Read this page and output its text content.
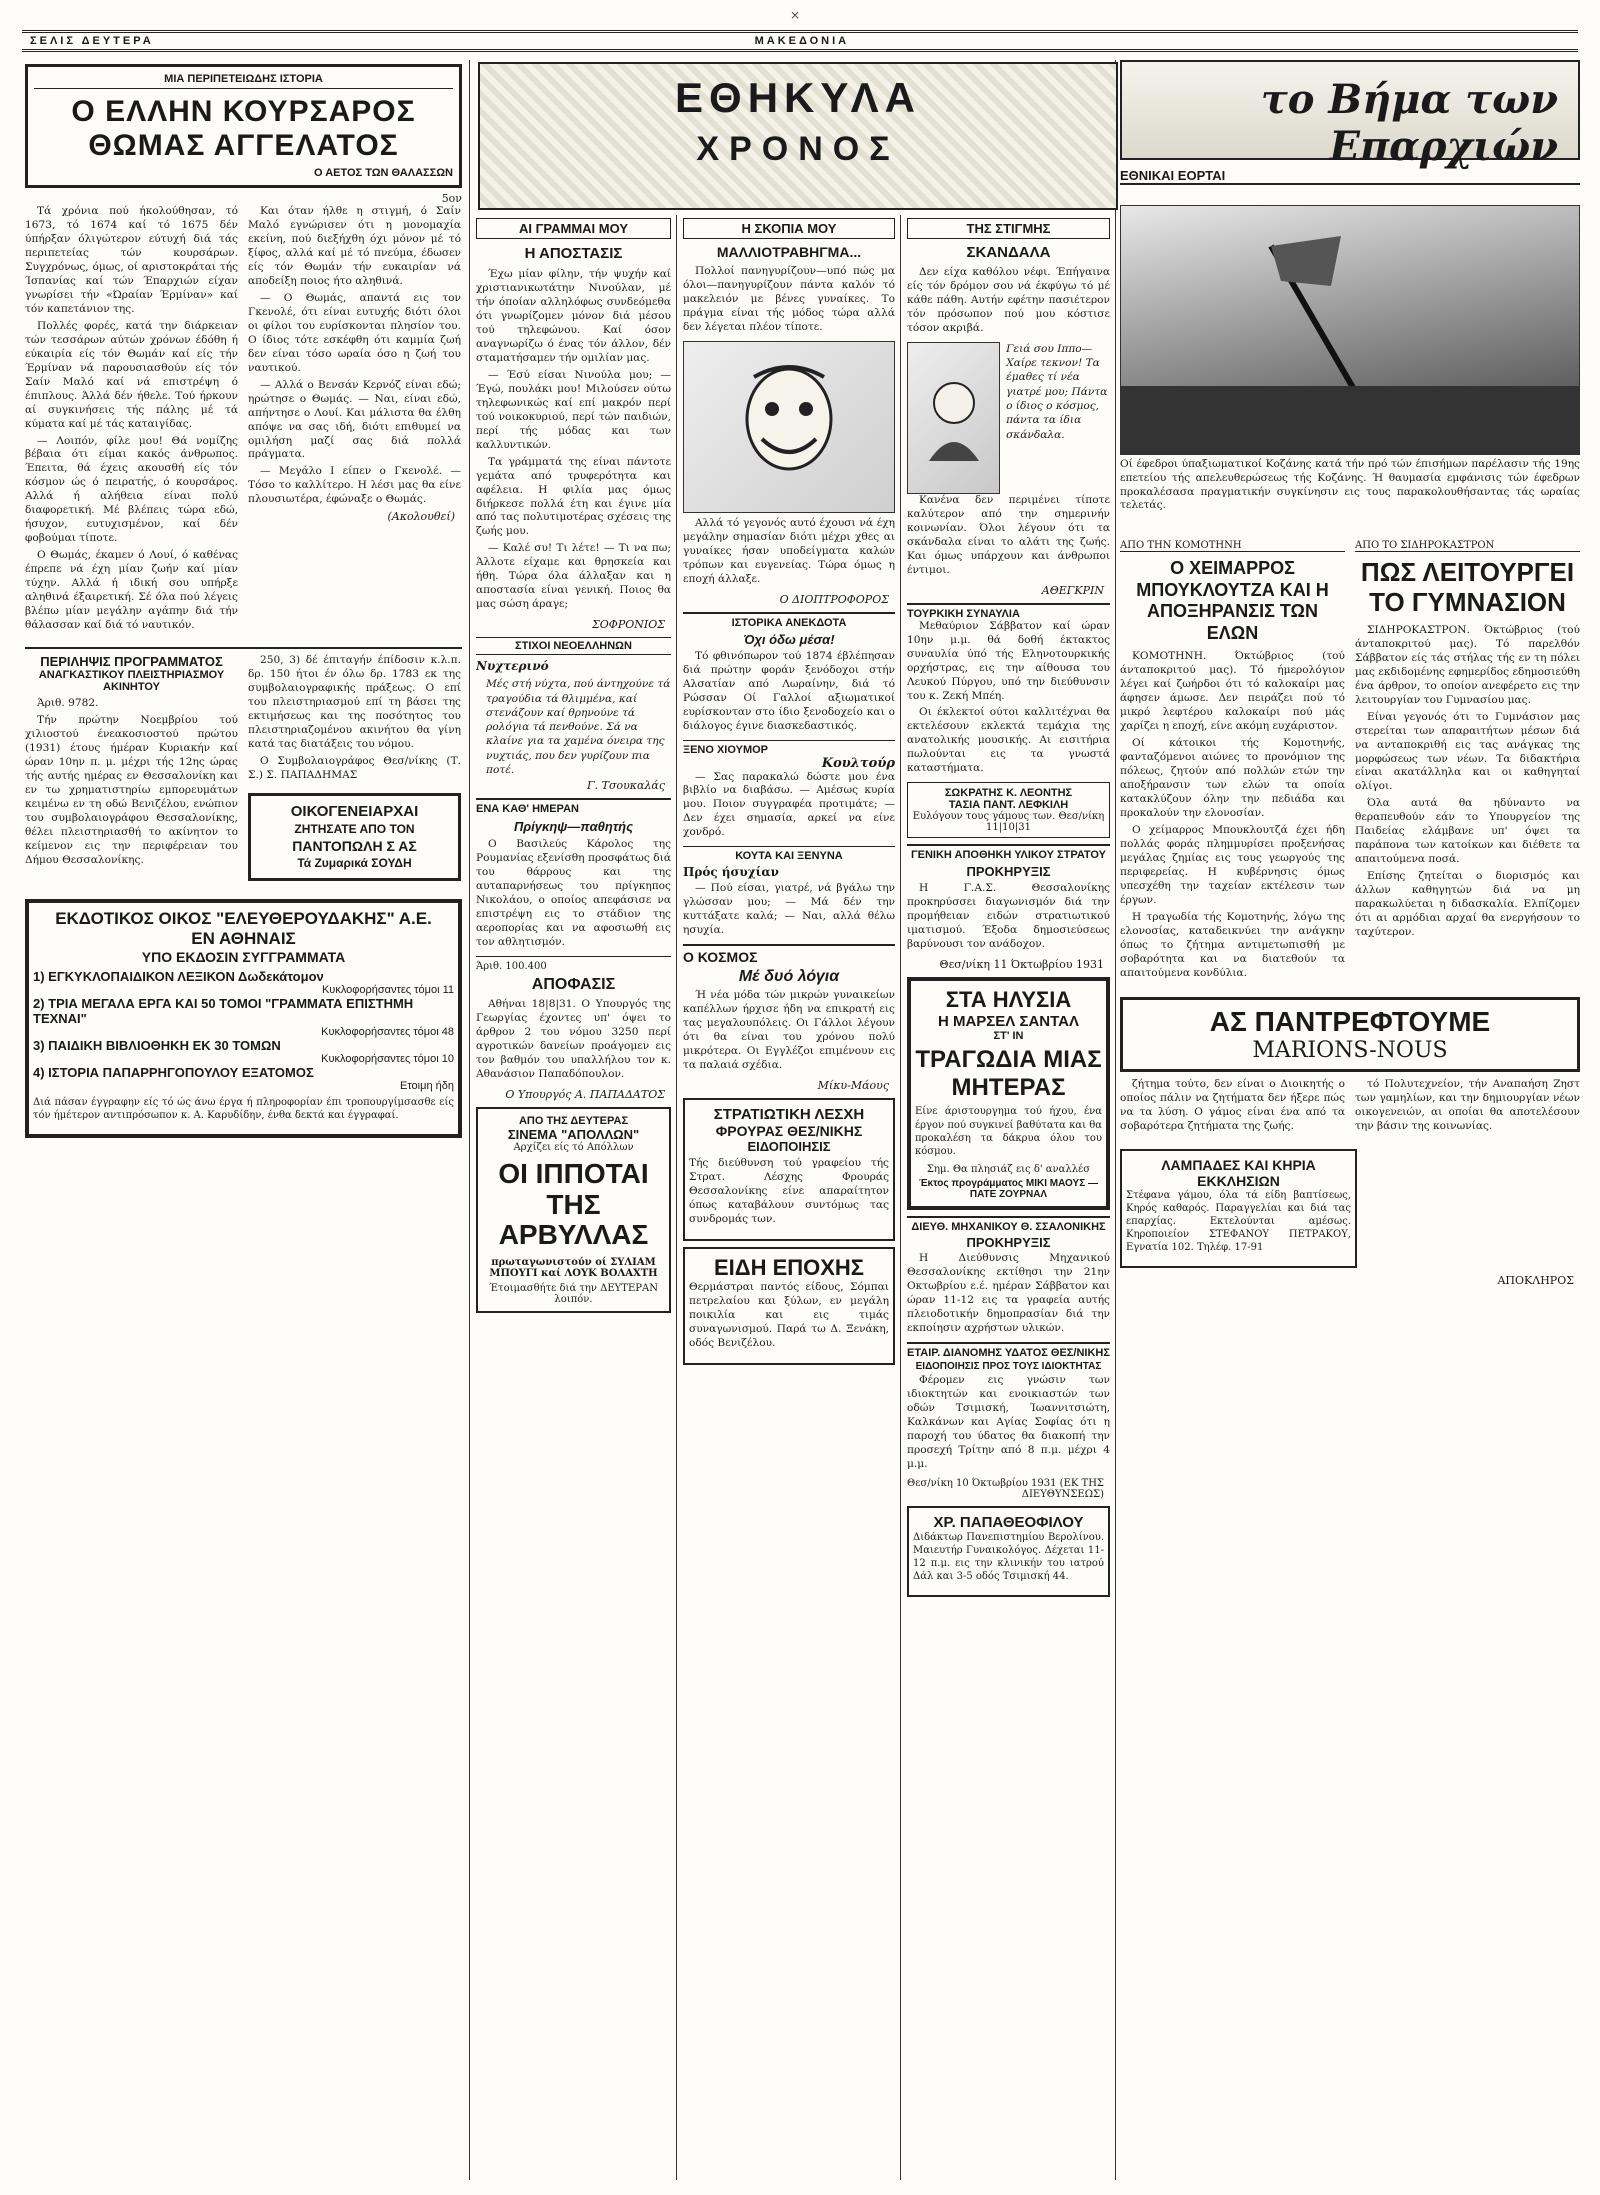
×
ΣΕΛΙΣ ΔΕΥΤΕΡΑ	ΜΑΚΕΔΟΝΙΑ
ΜΙΑ ΠΕΡΙΠΕΤΕΙΩΔΗΣ ΙΣΤΟΡΙΑ
Ο ΕΛΛΗΝ ΚΟΥΡΣΑΡΟΣ
ΘΩΜΑΣ ΑΓΓΕΛΑΤΟΣ
Ο ΑΕΤΟΣ ΤΩΝ ΘΑΛΑΣΣΩΝ
5ον

Τά χρόνια πού ήκολούθησαν, τό 1673, τό 1674 καί τό 1675 δέν ύπήρξαν όλιγώτερον εύτυχή διά τάς περιπετείας τών κουρσάρων. Συγχρόνως, όμως, οί αριστοκράται τής Ίσπανίας καί τών Έπαρχιών είχαν γνωρίσει τήν «Ώραίαν Έρμίναν» καί τόν καπετάνιον της.

Πολλές φορές, κατά την διάρκειαν τών τεσσάρων αύτών χρόνων έδόθη ή εύκαιρία είς τόν Θωμάν καί είς τήν Έρμίναν νά παρουσιασθούν είς τόν Σαίν Μαλό καί νά επιστρέψη ό έπιπλους. Άλλά δέν ήθελε. Τού ήρκουν αί συγκινήσεις τής πάλης μέ τά κύματα καί μέ τάς καταιγίδας.

— Λοιπόν, φίλε μου! Θά νομίζης βέβαια ότι είμαι κακός άνθρωπος. Έπειτα, θά έχεις ακουσθή είς τόν κόσμον ώς ό πειρατής, ό κουρσάρος. Αλλά ή αλήθεια είναι πολύ διαφορετική. Μέ βλέπεις τώρα εδώ, ήσυχον, ευτυχισμένον, καί δέν φοβούμαι τίποτε.

Ο Θωμάς, έκαμεν ό Λουί, ό καθένας έπρεπε νά έχη μίαν ζωήν καί μίαν τύχην. Αλλά ή ιδική σου υπήρξε αληθινά έξαιρετική. Σέ όλα πού λέγεις βλέπω μίαν μεγάλην αγάπην διά τήν θάλασσαν καί διά τό ναυτικόν.

Και όταν ήλθε η στιγμή, ό Σαίν Μαλό εγνώρισεν ότι η μονομαχία εκείνη, πού διεξήχθη όχι μόνον μέ τό ξίφος, αλλά καί μέ τό πνεύμα, έδωσεν είς τόν Θωμάν τήν ευκαιρίαν νά αποδείξη ποιος ήτο αληθινά.

— Ο Θωμάς, απαντά εις τον Γκενολέ, ότι είναι ευτυχής διότι όλοι οι φίλοι του ευρίσκονται πλησίον του. Ο ίδιος τότε εσκέφθη ότι καμμία ζωή δεν είναι τόσο ωραία όσο η ζωή του ναυτικού.

— Αλλά ο Βενσάν Κερνόζ είναι εδώ; ηρώτησε ο Θωμάς. — Ναι, είναι εδώ, απήντησε ο Λουί. Και μάλιστα θα έλθη απόψε να σας ιδή, διότι επιθυμεί να ομιλήση μαζί σας διά πολλά πράγματα.

— Μεγάλο Ι είπεν ο Γκενολέ. — Τόσο το καλλίτερο. Η λέσι μας θα είνε πλουσιωτέρα, έφώναξε ο Θωμάς.

(Ακολουθεί)
ΠΕΡΙΛΗΨΙΣ ΠΡΟΓΡΑΜΜΑΤΟΣ
ΑΝΑΓΚΑΣΤΙΚΟΥ ΠΛΕΙΣΤΗΡΙΑΣΜΟΥ ΑΚΙΝΗΤΟΥ

Άριθ. 9782.

Τήν πρώτην Νοεμβρίου τού χιλιοστού ένεακοσιοστού πρώτου (1931) έτους ήμέραν Κυριακήν καί ώραν 10ην π. μ. μέχρι τής 12ης ώρας τής αυτής ημέρας εν Θεσσαλονίκη και εν τω χρηματιστηρίω εμπορευμάτων κειμένω εν τη οδώ Βενιζέλου, ενώπιον του συμβολαιογράφου Θεσσαλονίκης, θέλει πλειστηριασθή το ακίνητον το κείμενον εις την περιφέρειαν του Δήμου Θεσσαλονίκης.

250, 3) δέ έπιταγήν έπίδοσιν κ.λ.π. δρ. 150 ήτοι έν όλω δρ. 1783 εκ της συμβολαιογραφικής πράξεως. Ο επί του πλειστηριασμού επί τη βάσει της εκτιμήσεως και της ποσότητος του πλειστηριαζομένου ακινήτου θα γίνη κατά τας διατάξεις του νόμου.

Ο Συμβολαιογράφος Θεσ/νίκης (Τ. Σ.) Σ. ΠΑΠΑΔΗΜΑΣ

ΟΙΚΟΓΕΝΕΙΑΡΧΑΙ
ΖΗΤΗΣΑΤΕ ΑΠΟ ΤΟΝ
ΠΑΝΤΟΠΩΛΗ Σ ΑΣ
Τά Ζυμαρικά ΣΟΥΔΗ
ΕΚΔΟΤΙΚΟΣ ΟΙΚΟΣ "ΕΛΕΥΘΕΡΟΥΔΑΚΗΣ" Α.Ε.
ΕΝ ΑΘΗΝΑΙΣ
ΥΠΟ ΕΚΔΟΣΙΝ ΣΥΓΓΡΑΜΜΑΤΑ
1) ΕΓΚΥΚΛΟΠΑΙΔΙΚΟΝ ΛΕΞΙΚΟΝ Δωδεκάτομον
Κυκλοφορήσαντες τόμοι 11
2) ΤΡΙΑ ΜΕΓΑΛΑ ΕΡΓΑ ΚΑΙ 50 ΤΟΜΟΙ "ΓΡΑΜΜΑΤΑ ΕΠΙΣΤΗΜΗ ΤΕΧΝΑΙ"
Κυκλοφορήσαντες τόμοι 48
3) ΠΑΙΔΙΚΗ ΒΙΒΛΙΟΘΗΚΗ ΕΚ 30 ΤΟΜΩΝ
Κυκλοφορήσαντες τόμοι 10
4) ΙΣΤΟΡΙΑ ΠΑΠΑΡΡΗΓΟΠΟΥΛΟΥ ΕΞΑΤΟΜΟΣ
Ετοιμη ήδη
Διά πάσαν έγγραφην είς τό ώς άνω έργα ή πληροφορίαν έπι τροπουργίμσασθε είς τόν ήμέτερον αντιπρόσωπον κ. Α. Καρυδίδην, ένθα δεκτά και έγγραφαί.
ΕΘΗΚΥΛΑ
ΧΡΟΝΟΣ
ΑΙ ΓΡΑΜΜΑΙ ΜΟΥ
Η ΑΠΟΣΤΑΣΙΣ

Έχω μίαν φίλην, τήν ψυχήν καί χριστιανικωτάτην Νινούλαν, μέ τήν όποίαν αλληλόφως συνδεόμεθα ότι γνωρίζομεν μόνον διά μέσου τού τηλεφώνου. Καί όσον αναγνωρίζω ό ένας τόν άλλον, δέν σταματήσαμεν τήν ομιλίαν μας.

— Έσύ είσαι Νινούλα μου; — Έγώ, πουλάκι μου! Μιλούσεν ούτω τηλεφωνικώς καί επί μακρόν περί τού νοικοκυριού, περί τών παιδιών, περί τής μόδας και των καλλυντικών.

Τα γράμματά της είναι πάντοτε γεμάτα από τρυφερότητα και αφέλεια. Η φιλία μας όμως διήρκεσε πολλά έτη και έγινε μία από τας πολυτιμοτέρας σχέσεις της ζωής μου.

— Καλέ συ! Τι λέτε! — Τι να πω; Άλλοτε είχαμε και θρησκεία και ήθη. Τώρα όλα άλλαξαν και η αποστασία είναι γενική. Ποιος θα μας σώση άραγε;

ΣΟΦΡΟΝΙΟΣ
ΣΤΙΧΟΙ ΝΕΟΕΛΛΗΝΩΝ
Νυχτερινό
Μές στή νύχτα, πού άντηχούνε τά τραγούδια τά θλιμμένα, καί στενάζουν καί θρηνούνε τά ρολόγια τά πενθούνε. Σά να κλαίνε για τα χαμένα όνειρα της νυχτιάς, που δεν γυρίζουν πια ποτέ.
Γ. Τσουκαλάς
ΕΝΑ ΚΑΘ' ΗΜΕΡΑΝ
Πρίγκηψ—παθητής

Ο Βασιλεύς Κάρολος της Ρουμανίας εξενίσθη προσφάτως διά του θάρρους και της αυταπαρνήσεως του πρίγκηπος Νικολάου, ο οποίος απεφάσισε να επιστρέψη εις το στάδιον της αεροπορίας και να αφοσιωθή εις τον αθλητισμόν.

Άριθ. 100.400
ΑΠΟΦΑΣΙΣ

Αθήναι 18|8|31. Ο Υπουργός της Γεωργίας έχοντες υπ' όψει το άρθρον 2 του νόμου 3250 περί αγροτικών δανείων προάγομεν εις τον βαθμόν του υπαλλήλου τον κ. Αθανάσιον Παπαδόπουλον.

Ο Υπουργός Α. ΠΑΠΑΔΑΤΟΣ
ΑΠΟ ΤΗΣ ΔΕΥΤΕΡΑΣ
ΣΙΝΕΜΑ "ΑΠΟΛΛΩΝ"
Αρχίζει είς τό Απόλλων
ΟΙ ΙΠΠΟΤΑΙ ΤΗΣ ΑΡΒΥΛΛΑΣ
πρωταγωνιστούν οί ΣΥΛΙΑΜ ΜΠΟΥΓΙ καί ΛΟΥΚ ΒΟΛΑΧΤΗ
Έτοιμασθήτε διά την ΔΕΥΤΕΡΑΝ λοιπόν.
Η ΣΚΟΠΙΑ ΜΟΥ
ΜΑΛΛΙΟΤΡΑΒΗΓΜΑ...

Πολλοί πανηγυρίζουν—υπό πώς μα όλοι—πανηγυρίζουν πάντα καλόν τό μακελειόν με βένες γυναίκες. Το πράγμα είναι τής μόδος τώρα αλλά δεν λέγεται πλέον τίποτε.

Αλλά τό γεγονός αυτό έχουσι νά έχη μεγάλην σημασίαν διότι μέχρι χθες αι γυναίκες ήσαν υποδείγματα καλών τρόπων και ευγενείας. Τώρα όμως η εποχή άλλαξε.

Ο ΔΙΟΠΤΡΟΦΟΡΟΣ
ΙΣΤΟΡΙΚΑ ΑΝΕΚΔΟΤΑ
Όχι όδω μέσα!

Τό φθινόπωρον τού 1874 έβλέπησαν διά πρώτην φοράν ξενόδοχοι στήν Αλσατίαν από Λωραίνην, διά τό Ρώσσαν Οί Γαλλοί αξιωματικοί ευρίσκονταν στο ίδιο ξενοδοχείο και ο διάλογος έγινε διασκεδαστικός.

ΞΕΝΟ ΧΙΟΥΜΟΡ
Κουλτούρ

— Σας παρακαλώ δώστε μου ένα βιβλίο να διαβάσω. — Αμέσως κυρία μου. Ποιον συγγραφέα προτιμάτε; — Δεν έχει σημασία, αρκεί να είνε χονδρό.

ΚΟΥΤΑ ΚΑΙ ΞΕΝΥΝΑ
Πρός ήσυχίαν

— Πού είσαι, γιατρέ, νά βγάλω την γλώσσαν μου; — Μά δέν την κυττάξατε καλά; — Ναι, αλλά θέλω ησυχία.

Ο ΚΟΣΜΟΣ
Μέ δυό λόγια

Ή νέα μόδα τών μικρών γυναικείων καπέλλων ήρχισε ήδη να επικρατή εις τας μεγαλουπόλεις. Οι Γάλλοι λέγουν ότι θα είναι του χρόνου πολύ μικρότερα. Οι Εγγλέζοι επιμένουν εις τα παλαιά σχέδια.

Μίκυ-Μάους
ΣΤΡΑΤΙΩΤΙΚΗ ΛΕΣΧΗ
ΦΡΟΥΡΑΣ ΘΕΣ/ΝΙΚΗΣ
ΕΙΔΟΠΟΙΗΣΙΣ
Τής διεύθυνση τού γραφείου τής Στρατ. Λέσχης Φρουράς Θεσσαλονίκης είνε απαραίτητον όπως καταβάλουν συντόμως τας συνδρομάς των.
ΕΙΔΗ ΕΠΟΧΗΣ
Θερμάστραι παντός είδους, Σόμπαι πετρελαίου και ξύλων, εν μεγάλη ποικιλία και εις τιμάς συναγωνισμού. Παρά τω Δ. Ξενάκη, οδός Βενιζέλου.
ΤΗΣ ΣΤΙΓΜΗΣ
ΣΚΑΝΔΑΛΑ

Δεν είχα καθόλου νέφι. Έπήγαινα είς τόν δρόμον σου νά έκφύγω τό μέ κάθε πάθη. Αυτήν εφέτην πασιέτερον τόν πρόσωπον πού μου κόστισε τόσον ακριβά.

Γειά σου Ιππο— Χαίρε τεκνον! Τα έμαθες τί νέα γιατρέ μου; Πάντα ο ίδιος ο κόσμος, πάντα τα ίδια σκάνδαλα.

Κανένα δεν περιμένει τίποτε καλύτερον από την σημερινήν κοινωνίαν. Όλοι λέγουν ότι τα σκάνδαλα είναι το αλάτι της ζωής. Και όμως υπάρχουν και άνθρωποι έντιμοι.

ΑΘΕΓΚΡΙΝ
ΤΟΥΡΚΙΚΗ ΣΥΝΑΥΛΙΑ

Μεθαύριον Σάββατον καί ώραν 10ην μ.μ. θά δοθή έκτακτος συναυλία ύπό τής Εληνοτουρκικής ορχήστρας, εις την αίθουσα του Λευκού Πύργου, υπό την διεύθυνσιν του κ. Ζεκή Μπέη.

Οι έκλεκτοί ούτοι καλλιτέχναι θα εκτελέσουν εκλεκτά τεμάχια της ανατολικής μουσικής. Αι εισιτήρια πωλούνται εις τα γνωστά καταστήματα.

ΣΩΚΡΑΤΗΣ Κ. ΛΕΟΝΤΗΣ
ΤΑΣΙΑ ΠΑΝΤ. ΛΕΦΚΙΛΗ
Ευλόγουν τους γάμους των. Θεσ/νίκη 11|10|31
ΓΕΝΙΚΗ ΑΠΟΘΗΚΗ ΥΛΙΚΟΥ ΣΤΡΑΤΟΥ
ΠΡΟΚΗΡΥΞΙΣ

Η Γ.Α.Σ. Θεσσαλονίκης προκηρύσσει διαγωνισμόν διά την προμήθειαν ειδών στρατιωτικού ιματισμού. Έξοδα δημοσιεύσεως βαρύνουσι τον ανάδοχον.

Θεσ/νίκη 11 Όκτωβρίου 1931
ΣΤΑ ΗΛΥΣΙΑ
Η ΜΑΡΣΕΛ ΣΑΝΤΑΛ
ΣΤ' ΙΝ
ΤΡΑΓΩΔΙΑ ΜΙΑΣ ΜΗΤΕΡΑΣ
Είνε άριστουργημα τού ήχου, ένα έργον πού συγκινεί βαθύτατα και θα προκαλέση τα δάκρυα όλου του κόσμου.
Σημ. Θα πλησιάζ εις δ' αναλλέσ
Έκτος προγράμματος ΜΙΚΙ ΜΑΟΥΣ — ΠΑΤΕ ΖΟΥΡΝΑΛ
ΔΙΕΥΘ. ΜΗΧΑΝΙΚΟΥ Θ. ΣΣΑΛΟΝΙΚΗΣ
ΠΡΟΚΗΡΥΞΙΣ

Η Διεύθυνσις Μηχανικού Θεσσαλονίκης εκτίθησι την 21ην Οκτωβρίου ε.έ. ημέραν Σάββατον και ώραν 11-12 εις τα γραφεία αυτής πλειοδοτικήν δημοπρασίαν διά την εκποίησιν αχρήστων υλικών.

ΕΤΑΙΡ. ΔΙΑΝΟΜΗΣ ΥΔΑΤΟΣ ΘΕΣ/ΝΙΚΗΣ
ΕΙΔΟΠΟΙΗΣΙΣ ΠΡΟΣ ΤΟΥΣ ΙΔΙΟΚΤΗΤΑΣ

Φέρομεν εις γνώσιν των ιδιοκτητών και ενοικιαστών των οδών Τσιμισκή, Ίωαννιτσιώτη, Καλκάνων και Αγίας Σοφίας ότι η παροχή του ύδατος θα διακοπή την προσεχή Τρίτην από 8 π.μ. μέχρι 4 μ.μ.

Θεσ/νίκη 10 Όκτωβρίου 1931 (ΕΚ ΤΗΣ ΔΙΕΥΘΥΝΣΕΩΣ)
ΧΡ. ΠΑΠΑΘΕΟΦΙΛΟΥ
Διδάκτωρ Πανεπιστημίου Βερολίνου. Μαιευτήρ Γυναικολόγος. Δέχεται 11-12 π.μ. εις την κλινικήν του ιατρού Δάλ και 3-5 οδός Τσιμισκή 44.
το Βήμα των Επαρχιών
ΕΘΝΙΚΑΙ ΕΟΡΤΑΙ
Οί έφεδροι ύπαξιωματικοί Κοζάνης κατά τήν πρό τών έπισήμων παρέλασιν τής 19ης επετείου τής απελευθερώσεως τής Κοζάνης. Ή θαυμασία εμφάνισις τών έφεδρων προκαλέσασα πραγματικήν συγκίνησιν εις τους παρακολουθήσαντας τάς ωραίας τελετάς.
ΑΠΟ ΤΗΝ ΚΟΜΟΤΗΝΗ
Ο ΧΕΙΜΑΡΡΟΣ ΜΠΟΥΚΛΟΥΤΖΑ ΚΑΙ Η ΑΠΟΞΗΡΑΝΣΙΣ ΤΩΝ ΕΛΩΝ

ΚΟΜΟΤΗΝΗ. Όκτώβριος (τού άνταποκριτού μας). Τό ήμερολόγιον λέγει καί ζωήρδοι ότι τό καλοκαίρι μας άφησεν άμωσε. Δεν πειράζει πού τό μικρό λεφτέρου καλοκαίρι πού μάς χαρίζει η εποχή, είνε ακόμη ευχάριστον.

Οί κάτοικοι τής Κομοτηνής, φανταζόμενοι αιώνες το προνόμιον της πόλεως, ζητούν από πολλών ετών την αποξήρανσιν των ελών τα οποία κατακλύζουν όλην την πεδιάδα και προκαλούν την ελονοσίαν.

Ο χείμαρρος Μπουκλουτζά έχει ήδη πολλάς φοράς πλημμυρίσει προξενήσας μεγάλας ζημίας εις τους γεωργούς της περιφερείας. Η κυβέρνησις όμως υπεσχέθη την ταχείαν εκτέλεσιν των έργων.

Η τραγωδία τής Κομοτηνής, λόγω της ελονοσίας, καταδεικνύει την ανάγκην όπως το ζήτημα αντιμετωπισθή με σοβαρότητα και να διατεθούν τα απαιτούμενα κονδύλια.

ΑΠΟ ΤΟ ΣΙΔΗΡΟΚΑΣΤΡΟΝ
ΠΩΣ ΛΕΙΤΟΥΡΓΕΙ ΤΟ ΓΥΜΝΑΣΙΟΝ

ΣΙΔΗΡΟΚΑΣΤΡΟΝ. Όκτώβριος (τού άνταποκριτού μας). Τό παρελθόν Σάββατον είς τάς στήλας τής εν τη πόλει μας εκδιδομένης εφημερίδος εδημοσιεύθη ένα άρθρον, το οποίον ανεφέρετο εις την λειτουργίαν του Γυμνασίου μας.

Είναι γεγονός ότι το Γυμνάσιον μας στερείται των απαραιτήτων μέσων διά να ανταποκριθή εις τας ανάγκας της μορφώσεως των νέων. Τα διδακτήρια είναι ακατάλληλα και οι καθηγηταί ολίγοι.

Όλα αυτά θα ηδύναντο να θεραπευθούν εάν το Υπουργείον της Παιδείας ελάμβανε υπ' όψει τα παράπονα των κατοίκων και διέθετε τα απαιτούμενα ποσά.

Επίσης ζητείται ο διορισμός και άλλων καθηγητών διά να μη παρακωλύεται η διδασκαλία. Ελπίζομεν ότι αι αρμόδιαι αρχαί θα ενεργήσουν το ταχύτερον.

ΑΣ ΠΑΝΤΡΕΦΤΟΥΜΕ
MARIONS-NOUS

ζήτημα τούτο, δεν είναι ο Διοικητής ο οποίος πάλιν να ζητήματα δεν ήξερε πώς να τα λύση. Ο γάμος είναι ένα από τα σοβαρότερα ζητήματα της ζωής.

τό Πολυτεχνείον, τήν Αναπαήση Ζηστ των γαμηλίων, και την δημιουργίαν νέων οικογενειών, αι οποίαι θα αποτελέσουν την βάσιν της κοινωνίας.

ΛΑΜΠΑΔΕΣ ΚΑΙ ΚΗΡΙΑ ΕΚΚΛΗΣΙΩΝ
Στέφανα γάμου, όλα τά είδη βαπτίσεως, Κηρός καθαρός. Παραγγελίαι και διά τας επαρχίας. Εκτελούνται αμέσως. Κηροποιείον ΣΤΕΦΑΝΟΥ ΠΕΤΡΑΚΟΥ, Εγνατία 102. Τηλέφ. 17-91
ΑΠΟΚΛΗΡΟΣ
